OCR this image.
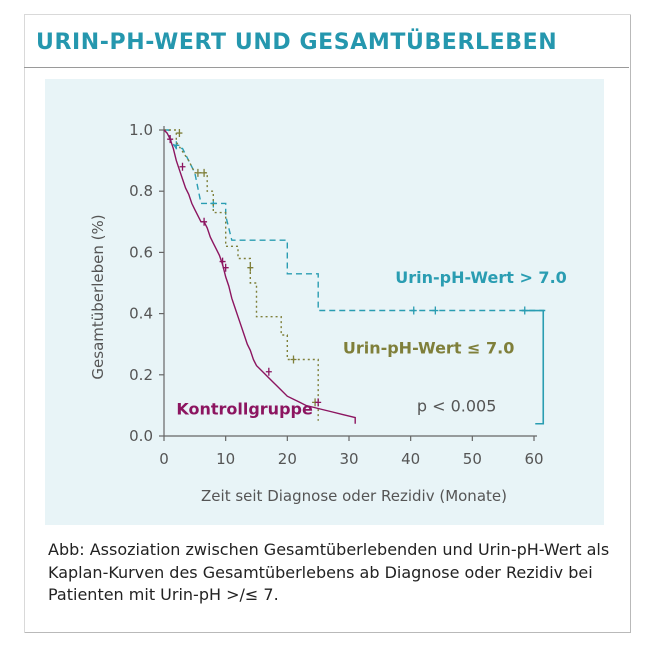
URIN-PH-WERT UND GESAMTÜBERLEBEN
0.0
0.2
0.4
0.6
0.8
1.0
0	10	20	30	40	50	60
Zeit seit Diagnose oder Rezidiv (Monate)
Gesamtüberleben (%)	Urin-pH-Wert > 7.0
Urin-pH-Wert ≤ 7.0
Kontrollgruppe	p < 0.005

Abb: Assoziation zwischen Gesamtüberlebenden und Urin-pH-Wert als Kaplan-Kurven des Gesamtüberlebens ab Diagnose oder Rezidiv bei Patienten mit Urin-pH >/≤ 7.
